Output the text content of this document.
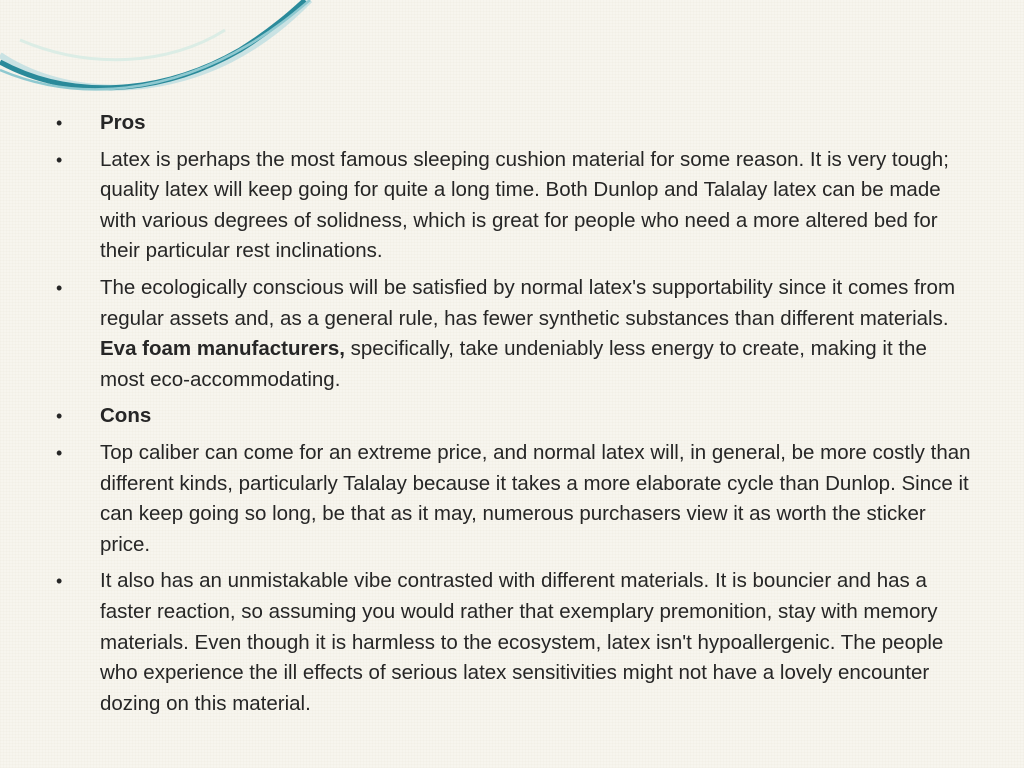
•	Pros
•	Latex is perhaps the most famous sleeping cushion material for some reason. It is very tough; quality latex will keep going for quite a long time. Both Dunlop and Talalay latex can be made with various degrees of solidness, which is great for people who need a more altered bed for their particular rest inclinations.
•	The ecologically conscious will be satisfied by normal latex's supportability since it comes from regular assets and, as a general rule, has fewer synthetic substances than different materials. Eva foam manufacturers, specifically, take undeniably less energy to create, making it the most eco-accommodating.
•	Cons
•	Top caliber can come for an extreme price, and normal latex will, in general, be more costly than different kinds, particularly Talalay because it takes a more elaborate cycle than Dunlop. Since it can keep going so long, be that as it may, numerous purchasers view it as worth the sticker price.
•	It also has an unmistakable vibe contrasted with different materials. It is bouncier and has a faster reaction, so assuming you would rather that exemplary premonition, stay with memory materials. Even though it is harmless to the ecosystem, latex isn't hypoallergenic. The people who experience the ill effects of serious latex sensitivities might not have a lovely encounter dozing on this material.
